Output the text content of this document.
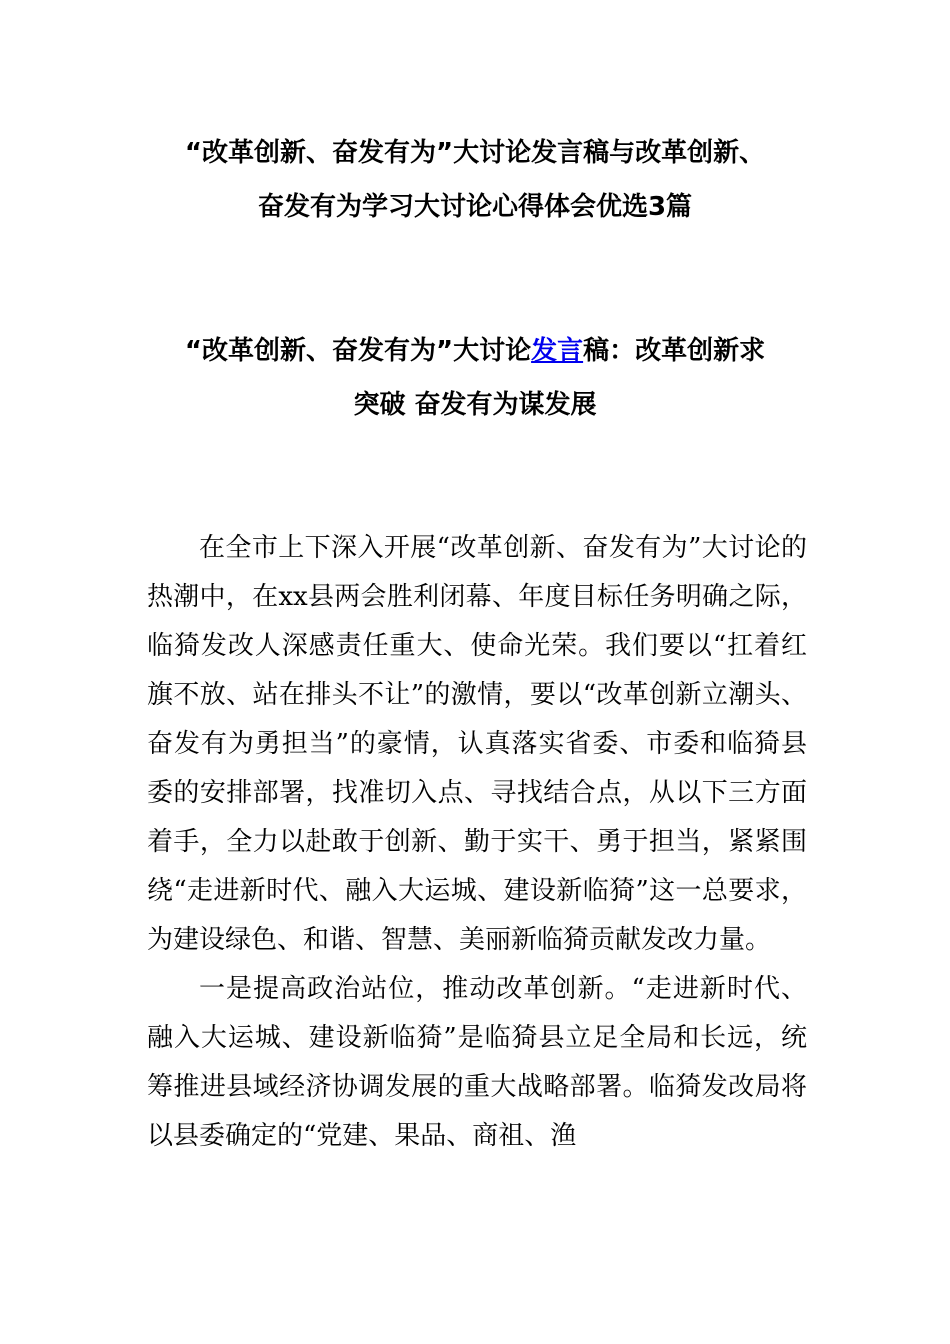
“改革创新、奋发有为”大讨论发言稿与改革创新、
奋发有为学习大讨论心得体会优选3篇
“改革创新、奋发有为”大讨论发言稿：改革创新求
突破 奋发有为谋发展

在全市上下深入开展“改革创新、奋发有为”大讨论的热潮中，在xx县两会胜利闭幕、年度目标任务明确之际，临猗发改人深感责任重大、使命光荣。我们要以“扛着红旗不放、站在排头不让”的激情，要以“改革创新立潮头、奋发有为勇担当”的豪情，认真落实省委、市委和临猗县委的安排部署，找准切入点、寻找结合点，从以下三方面着手，全力以赴敢于创新、勤于实干、勇于担当，紧紧围绕“走进新时代、融入大运城、建设新临猗”这一总要求，为建设绿色、和谐、智慧、美丽新临猗贡献发改力量。

一是提高政治站位，推动改革创新。“走进新时代、融入大运城、建设新临猗”是临猗县立足全局和长远，统筹推进县域经济协调发展的重大战略部署。临猗发改局将以县委确定的“党建、果品、商祖、渔
